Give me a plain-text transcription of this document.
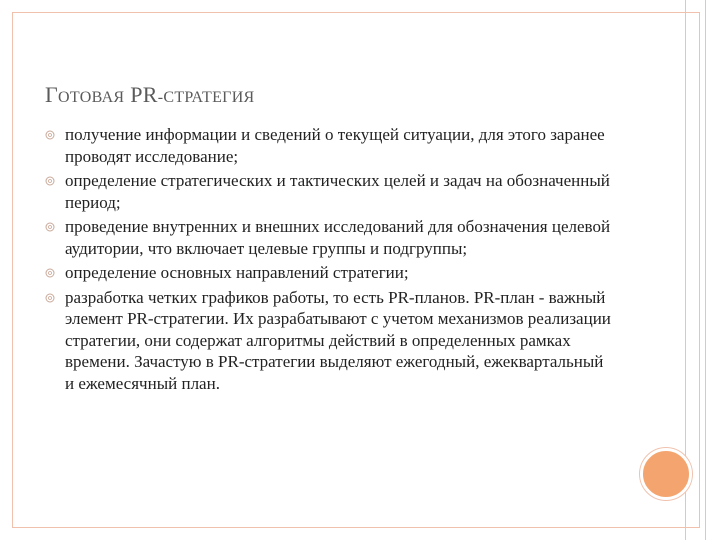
ГОТОВАЯ PR-СТРАТЕГИЯ
получение информации и сведений о текущей ситуации, для этого заранее проводят исследование;
определение стратегических и тактических целей и задач на обозначенный период;
проведение внутренних и внешних исследований для обозначения целевой аудитории, что включает целевые группы и подгруппы;
определение основных направлений стратегии;
разработка четких графиков работы, то есть PR-планов. PR-план - важный элемент PR-стратегии. Их разрабатывают с учетом механизмов реализации стратегии, они содержат алгоритмы действий в определенных рамках времени. Зачастую в PR-стратегии выделяют ежегодный, ежеквартальный и ежемесячный план.
